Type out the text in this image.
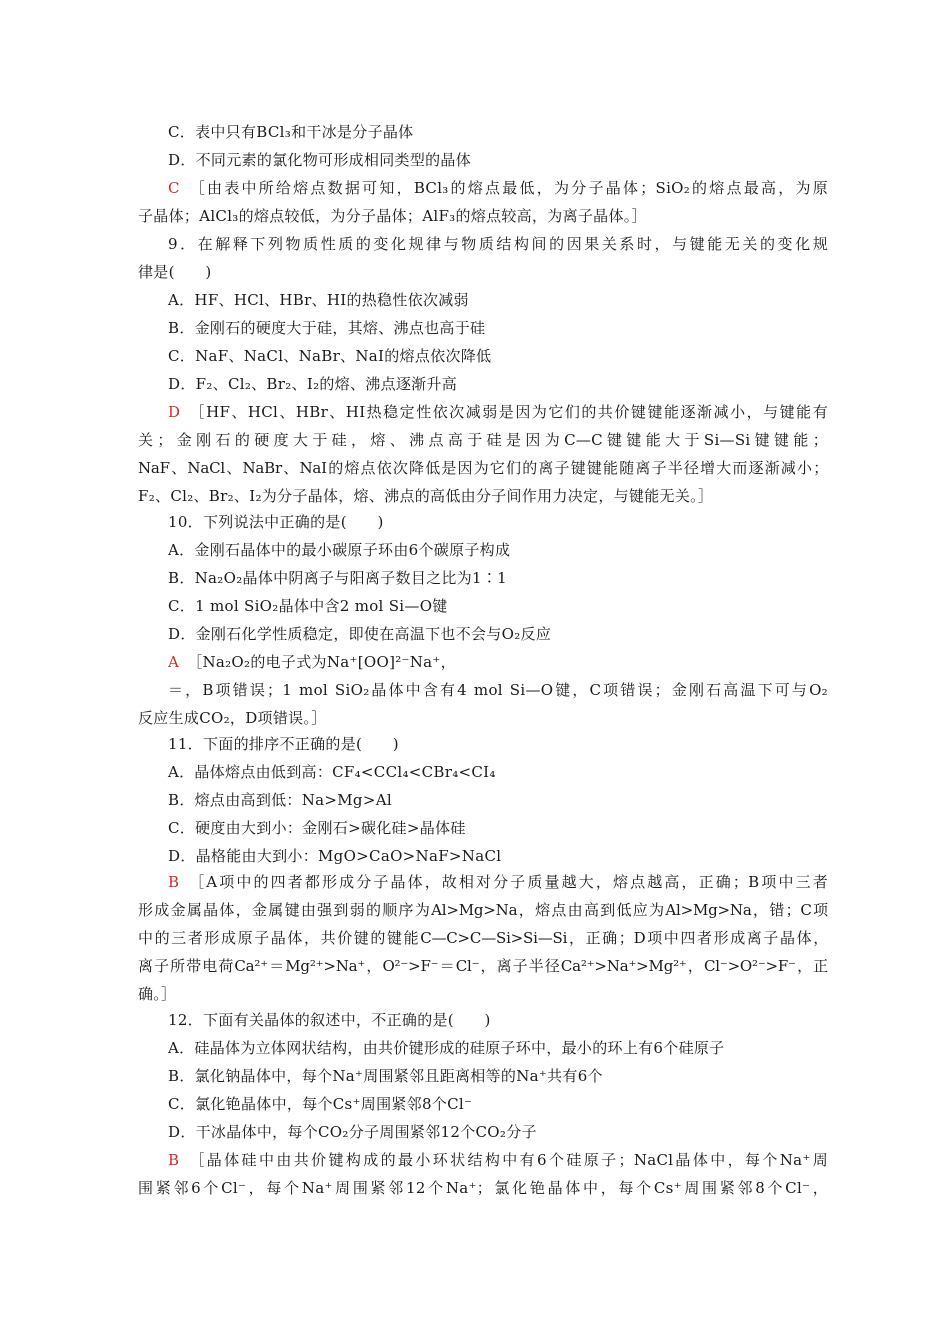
C．表中只有BCl₃和干冰是分子晶体
D．不同元素的氯化物可形成相同类型的晶体
C ［由表中所给熔点数据可知，BCl₃的熔点最低，为分子晶体；SiO₂的熔点最高，为原
子晶体；AlCl₃的熔点较低，为分子晶体；AlF₃的熔点较高，为离子晶体。］
9．在解释下列物质性质的变化规律与物质结构间的因果关系时，与键能无关的变化规
律是(　　)
A．HF、HCl、HBr、HI的热稳性依次减弱
B．金刚石的硬度大于硅，其熔、沸点也高于硅
C．NaF、NaCl、NaBr、NaI的熔点依次降低
D．F₂、Cl₂、Br₂、I₂的熔、沸点逐渐升高
D ［HF、HCl、HBr、HI热稳定性依次减弱是因为它们的共价键键能逐渐减小，与键能有
关；金刚石的硬度大于硅，熔、沸点高于硅是因为C—C键键能大于Si—Si键键能；
NaF、NaCl、NaBr、NaI的熔点依次降低是因为它们的离子键键能随离子半径增大而逐渐减小；
F₂、Cl₂、Br₂、I₂为分子晶体，熔、沸点的高低由分子间作用力决定，与键能无关。］
10．下列说法中正确的是(　　)
A．金刚石晶体中的最小碳原子环由6个碳原子构成
B．Na₂O₂晶体中阴离子与阳离子数目之比为1∶1
C．1 mol SiO₂晶体中含2 mol Si—O键
D．金刚石化学性质稳定，即使在高温下也不会与O₂反应
A ［Na₂O₂的电子式为Na⁺[OO]²⁻Na⁺，
＝，B项错误；1 mol SiO₂晶体中含有4 mol Si—O键，C项错误；金刚石高温下可与O₂
反应生成CO₂，D项错误。］
11．下面的排序不正确的是(　　)
A．晶体熔点由低到高：CF₄<CCl₄<CBr₄<CI₄
B．熔点由高到低：Na>Mg>Al
C．硬度由大到小：金刚石>碳化硅>晶体硅
D．晶格能由大到小：MgO>CaO>NaF>NaCl
B ［A项中的四者都形成分子晶体，故相对分子质量越大，熔点越高，正确；B项中三者
形成金属晶体，金属键由强到弱的顺序为Al>Mg>Na，熔点由高到低应为Al>Mg>Na，错；C项
中的三者形成原子晶体，共价键的键能C—C>C—Si>Si—Si，正确；D项中四者形成离子晶体，
离子所带电荷Ca²⁺＝Mg²⁺>Na⁺，O²⁻>F⁻＝Cl⁻，离子半径Ca²⁺>Na⁺>Mg²⁺，Cl⁻>O²⁻>F⁻，正
确。］
12．下面有关晶体的叙述中，不正确的是(　　)
A．硅晶体为立体网状结构，由共价键形成的硅原子环中，最小的环上有6个硅原子
B．氯化钠晶体中，每个Na⁺周围紧邻且距离相等的Na⁺共有6个
C．氯化铯晶体中，每个Cs⁺周围紧邻8个Cl⁻
D．干冰晶体中，每个CO₂分子周围紧邻12个CO₂分子
B ［晶体硅中由共价键构成的最小环状结构中有6个硅原子；NaCl晶体中，每个Na⁺周
围紧邻6个Cl⁻，每个Na⁺周围紧邻12个Na⁺；氯化铯晶体中，每个Cs⁺周围紧邻8个Cl⁻，
